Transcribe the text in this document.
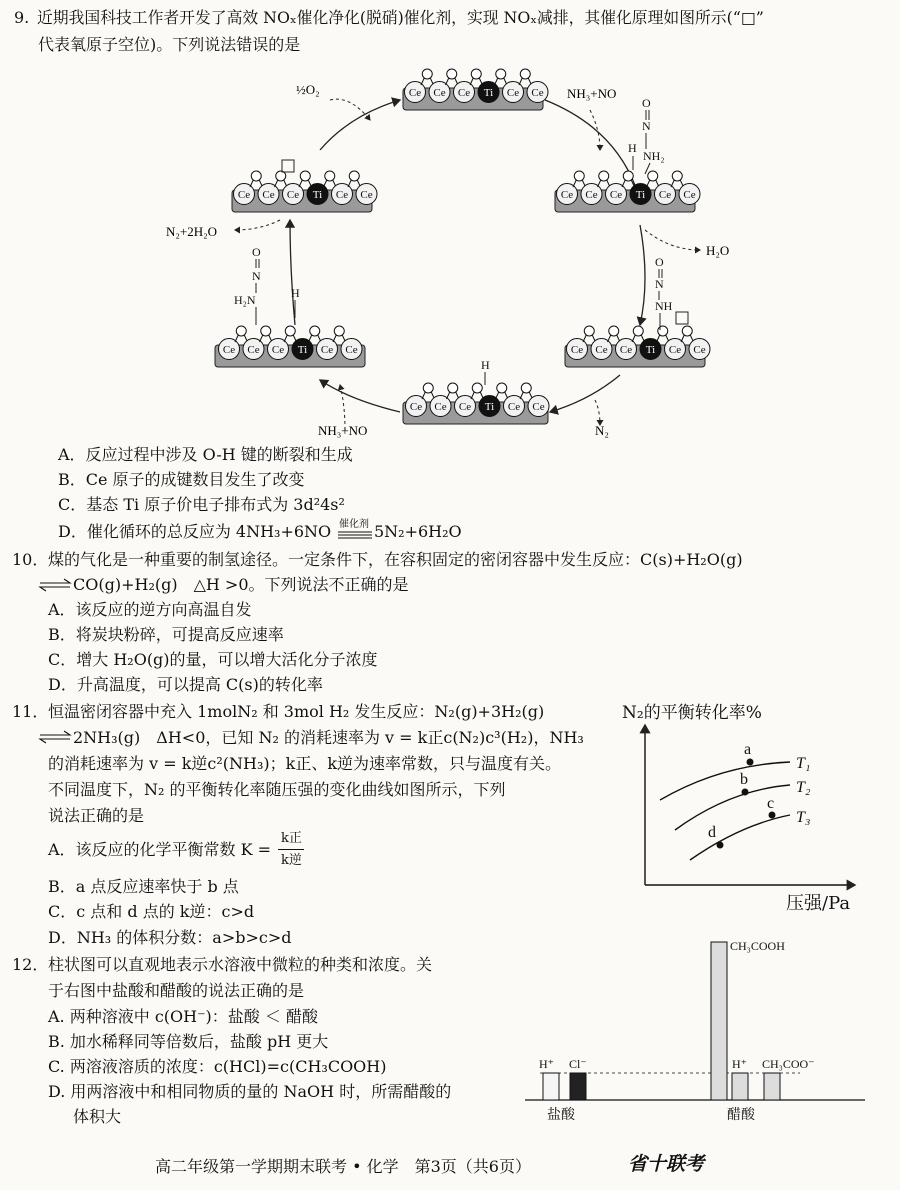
9. 近期我国科技工作者开发了高效 NOₓ催化净化(脱硝)催化剂，实现 NOₓ减排，其催化原理如图所示(“□”
代表氧原子空位)。下列说法错误的是
Ce Ce Ce Ti Ce Ce
Ce Ce Ce Ti Ce Ce	Ce Ce Ce Ti Ce Ce
Ce Ce Ce Ti Ce Ce	Ce Ce Ce Ti Ce Ce
Ce Ce Ce Ti Ce Ce
½O₂	NH₃+NO
N₂+2H₂O
H₂O
NH₃+NO	N₂
O
N
H
NH₂
O
N
NH
O
N
H₂N	H
H
a
b
c
d
T₁
T₂
T₃
H⁺ Cl⁻
CH₃COOH
H⁺ CH₃COO⁻
盐酸	醋酸
A．反应过程中涉及 O-H 键的断裂和生成
B．Ce 原子的成键数目发生了改变
C．基态 Ti 原子价电子排布式为 3d²4s²
D．催化循环的总反应为 4NH₃+6NO 催化剂 5N₂+6H₂O
10． 煤的气化是一种重要的制氢途径。一定条件下，在容积固定的密闭容器中发生反应：C(s)+H₂O(g)
CO(g)+H₂(g)　△H >0。下列说法不正确的是
A．该反应的逆方向高温自发
B．将炭块粉碎，可提高反应速率
C．增大 H₂O(g)的量，可以增大活化分子浓度
D．升高温度，可以提高 C(s)的转化率
11． 恒温密闭容器中充入 1molN₂ 和 3mol H₂ 发生反应：N₂(g)+3H₂(g)
2NH₃(g)　ΔH<0，已知 N₂ 的消耗速率为 v = k正c(N₂)c³(H₂)，NH₃
的消耗速率为 v = k逆c²(NH₃)；k正、k逆为速率常数，只与温度有关。
不同温度下，N₂ 的平衡转化率随压强的变化曲线如图所示，下列
说法正确的是
A．该反应的化学平衡常数 K =
k正
k逆
B．a 点反应速率快于 b 点
C．c 点和 d 点的 k逆：c>d
D．NH₃ 的体积分数：a>b>c>d
N₂的平衡转化率%
压强/Pa
12． 柱状图可以直观地表示水溶液中微粒的种类和浓度。关
于右图中盐酸和醋酸的说法正确的是
A. 两种溶液中 c(OH⁻)：盐酸 ＜ 醋酸
B. 加水稀释同等倍数后，盐酸 pH 更大
C. 两溶液溶质的浓度：c(HCl)=c(CH₃COOH)
D. 用两溶液中和相同物质的量的 NaOH 时，所需醋酸的
体积大
高二年级第一学期期末联考 • 化学　第3页（共6页）	省十联考
